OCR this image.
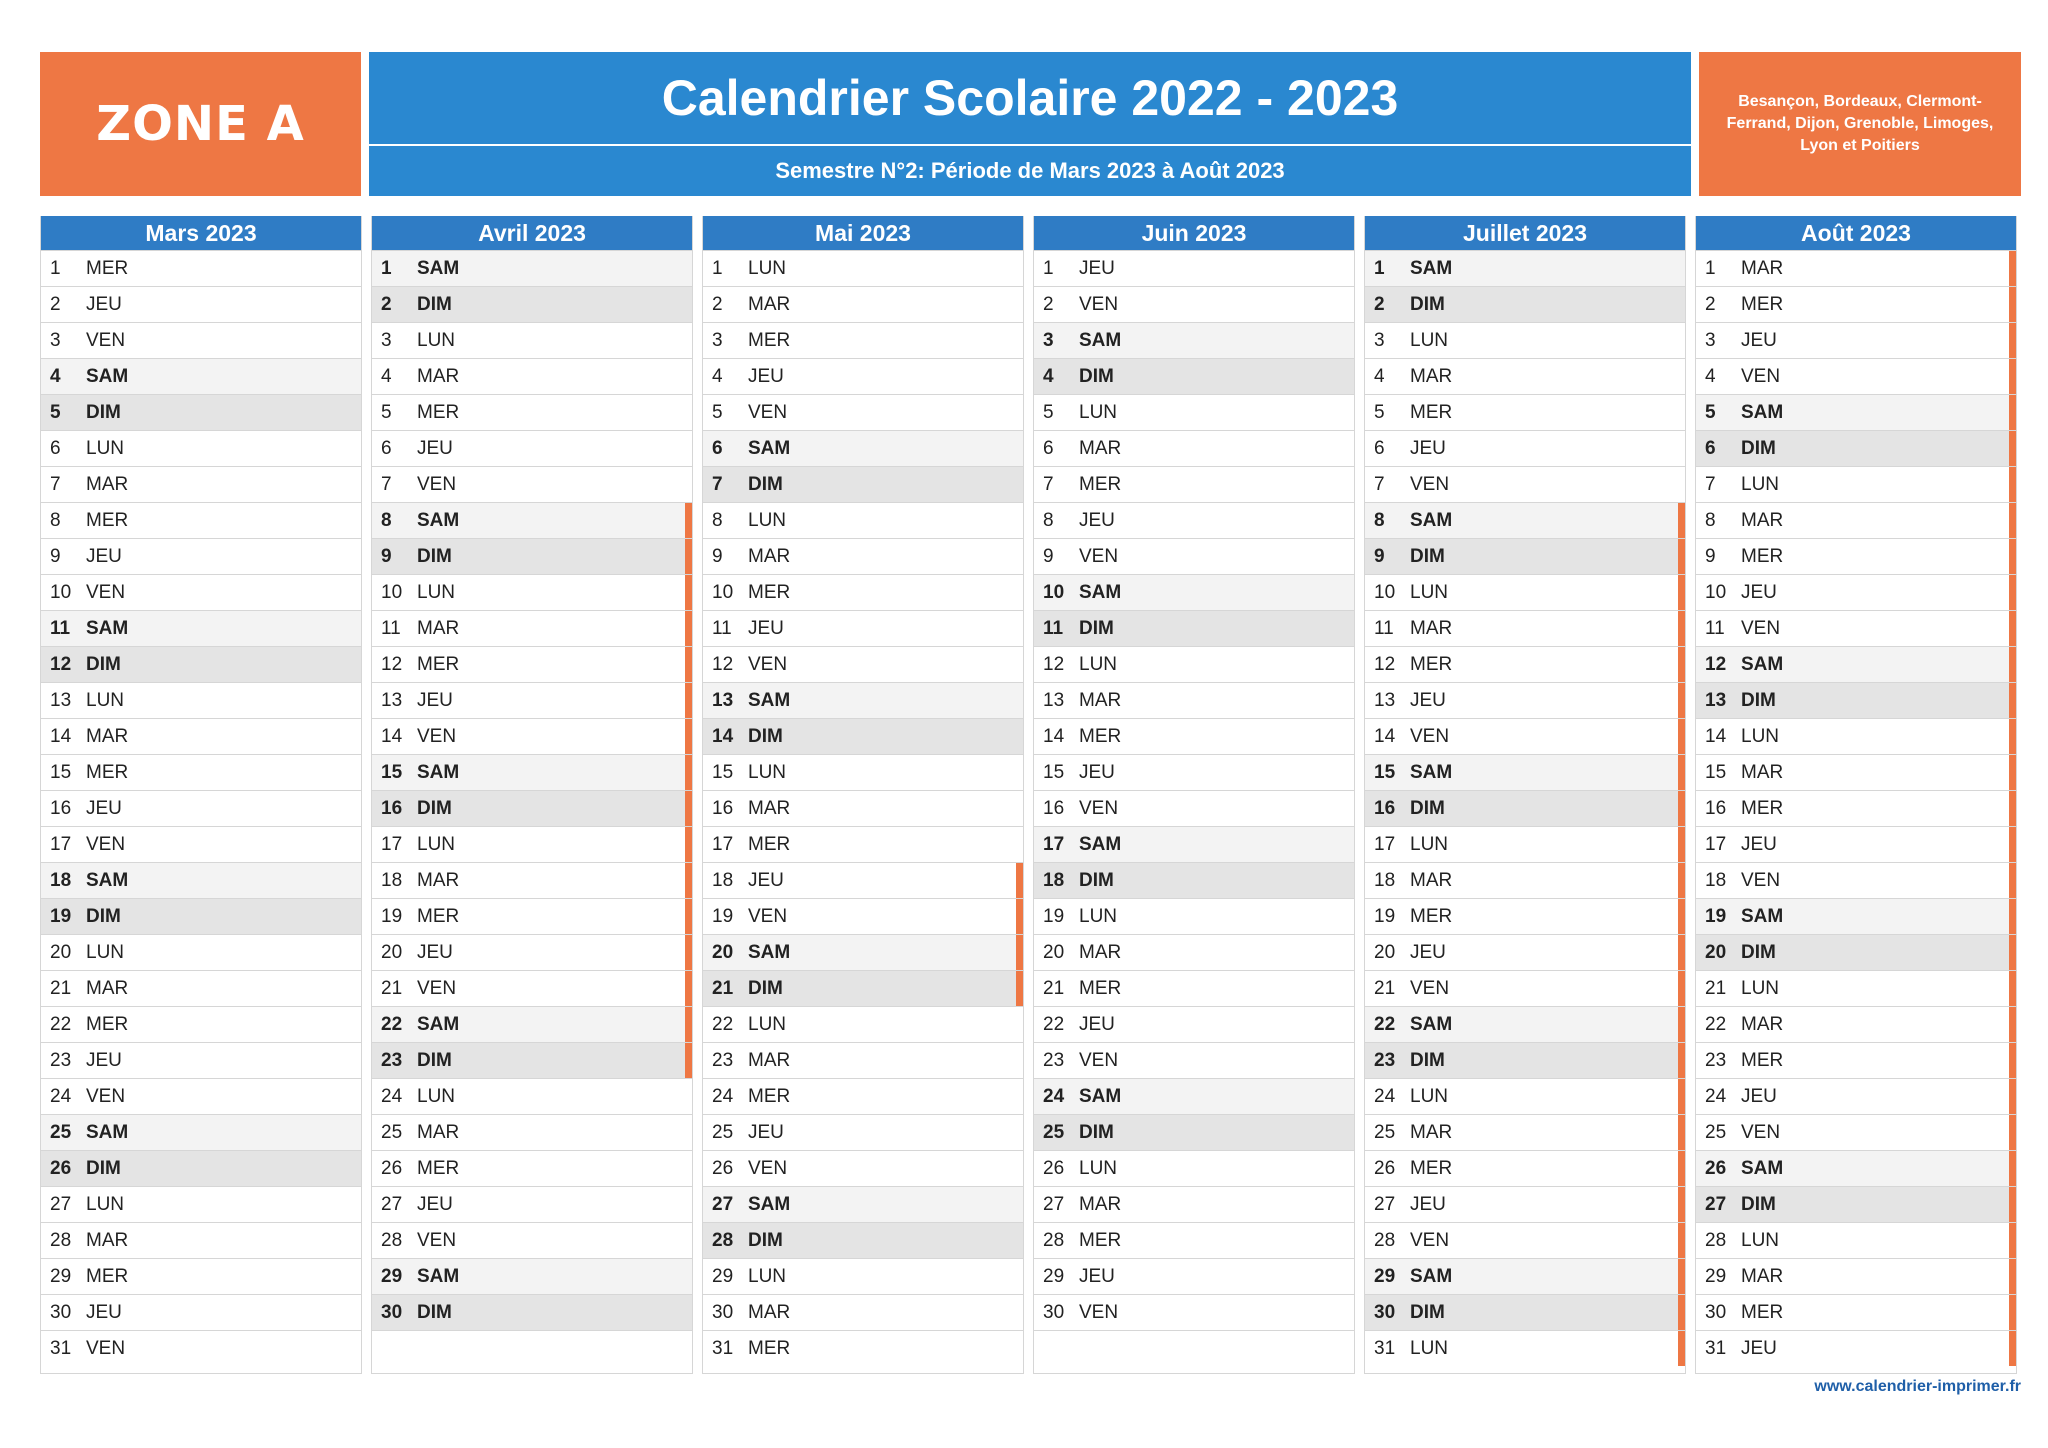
ZONE A	Calendrier Scolaire 2022 - 2023
Semestre N°2: Période de Mars 2023 à Août 2023
Besançon, Bordeaux, Clermont-Ferrand, Dijon, Grenoble, Limoges, Lyon et Poitiers
Mars 2023
1	MER
2	JEU
3	VEN
4	SAM
5	DIM
6	LUN
7	MAR
8	MER
9	JEU
10 VEN
11 SAM
12 DIM
13 LUN
14 MAR
15 MER
16 JEU
17 VEN
18 SAM
19 DIM
20 LUN
21 MAR
22 MER
23 JEU
24 VEN
25 SAM
26 DIM
27 LUN
28 MAR
29 MER
30 JEU
31 VEN
Avril 2023
1	SAM
2	DIM
3	LUN
4	MAR
5	MER
6	JEU
7	VEN
8	SAM
9	DIM
10 LUN
11 MAR
12 MER
13 JEU
14 VEN
15 SAM
16 DIM
17 LUN
18 MAR
19 MER
20 JEU
21 VEN
22 SAM
23 DIM
24 LUN
25 MAR
26 MER
27 JEU
28 VEN
29 SAM
30 DIM
Mai 2023
1	LUN
2	MAR
3	MER
4	JEU
5	VEN
6	SAM
7	DIM
8	LUN
9	MAR
10 MER
11 JEU
12 VEN
13 SAM
14 DIM
15 LUN
16 MAR
17 MER
18 JEU
19 VEN
20 SAM
21 DIM
22 LUN
23 MAR
24 MER
25 JEU
26 VEN
27 SAM
28 DIM
29 LUN
30 MAR
31 MER
Juin 2023
1	JEU
2	VEN
3	SAM
4	DIM
5	LUN
6	MAR
7	MER
8	JEU
9	VEN
10 SAM
11 DIM
12 LUN
13 MAR
14 MER
15 JEU
16 VEN
17 SAM
18 DIM
19 LUN
20 MAR
21 MER
22 JEU
23 VEN
24 SAM
25 DIM
26 LUN
27 MAR
28 MER
29 JEU
30 VEN
Juillet 2023
1	SAM
2	DIM
3	LUN
4	MAR
5	MER
6	JEU
7	VEN
8	SAM
9	DIM
10 LUN
11 MAR
12 MER
13 JEU
14 VEN
15 SAM
16 DIM
17 LUN
18 MAR
19 MER
20 JEU
21 VEN
22 SAM
23 DIM
24 LUN
25 MAR
26 MER
27 JEU
28 VEN
29 SAM
30 DIM
31 LUN
Août 2023
1	MAR
2	MER
3	JEU
4	VEN
5	SAM
6	DIM
7	LUN
8	MAR
9	MER
10 JEU
11 VEN
12 SAM
13 DIM
14 LUN
15 MAR
16 MER
17 JEU
18 VEN
19 SAM
20 DIM
21 LUN
22 MAR
23 MER
24 JEU
25 VEN
26 SAM
27 DIM
28 LUN
29 MAR
30 MER
31 JEU
www.calendrier-imprimer.fr
